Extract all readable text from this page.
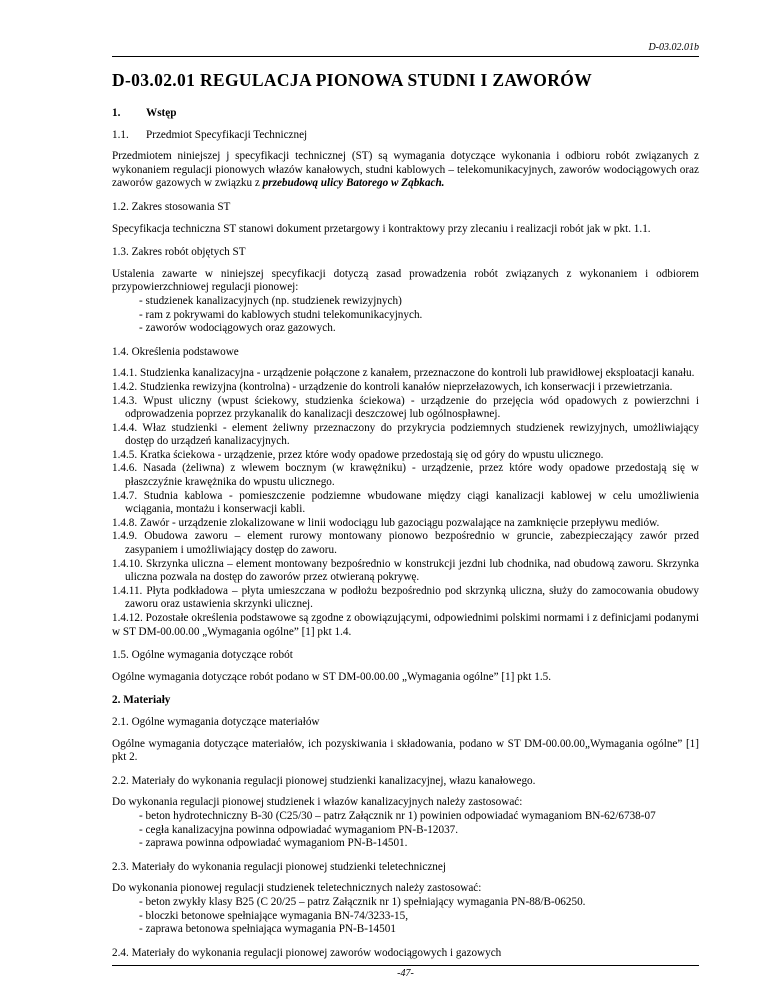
D-03.02.01b
D-03.02.01 REGULACJA PIONOWA STUDNI I ZAWORÓW
1.	Wstęp
1.1.	Przedmiot Specyfikacji Technicznej

Przedmiotem niniejszej j specyfikacji technicznej (ST) są wymagania dotyczące wykonania i odbioru robót związanych z wykonaniem regulacji pionowych włazów kanałowych, studni kablowych – telekomunikacyjnych, zaworów wodociągowych oraz zaworów gazowych w związku z przebudową ulicy Batorego w Ząbkach.

1.2. Zakres stosowania ST

Specyfikacja techniczna ST stanowi dokument przetargowy i kontraktowy przy zlecaniu i realizacji robót jak w pkt. 1.1.

1.3. Zakres robót objętych ST

Ustalenia zawarte w niniejszej specyfikacji dotyczą zasad prowadzenia robót związanych z wykonaniem i odbiorem przypowierzchniowej regulacji pionowej:

- studzienek kanalizacyjnych (np. studzienek rewizyjnych)
- ram z pokrywami do kablowych studni telekomunikacyjnych.
- zaworów wodociągowych oraz gazowych.
1.4. Określenia podstawowe
1.4.1. Studzienka kanalizacyjna - urządzenie połączone z kanałem, przeznaczone do kontroli lub prawidłowej eksploatacji kanału.
1.4.2. Studzienka rewizyjna (kontrolna) - urządzenie do kontroli kanałów nieprzełazowych, ich konserwacji i przewietrzania.
1.4.3. Wpust uliczny (wpust ściekowy, studzienka ściekowa) - urządzenie do przejęcia wód opadowych z powierzchni i odprowadzenia poprzez przykanalik do kanalizacji deszczowej lub ogólnospławnej.
1.4.4. Właz studzienki - element żeliwny przeznaczony do przykrycia podziemnych studzienek rewizyjnych, umożliwiający dostęp do urządzeń kanalizacyjnych.
1.4.5. Kratka ściekowa - urządzenie, przez które wody opadowe przedostają się od góry do wpustu ulicznego.
1.4.6. Nasada (żeliwna) z wlewem bocznym (w krawężniku) - urządzenie, przez które wody opadowe przedostają się w płaszczyźnie krawężnika do wpustu ulicznego.
1.4.7. Studnia kablowa - pomieszczenie podziemne wbudowane między ciągi kanalizacji kablowej w celu umożliwienia wciągania, montażu i konserwacji kabli.
1.4.8. Zawór - urządzenie zlokalizowane w linii wodociągu lub gazociągu pozwalające na zamknięcie przepływu mediów.
1.4.9. Obudowa zaworu – element rurowy montowany pionowo bezpośrednio w gruncie, zabezpieczający zawór przed zasypaniem i umożliwiający dostęp do zaworu.
1.4.10. Skrzynka uliczna – element montowany bezpośrednio w konstrukcji jezdni lub chodnika, nad obudową zaworu. Skrzynka uliczna pozwala na dostęp do zaworów przez otwieraną pokrywę.
1.4.11. Płyta podkładowa – płyta umieszczana w podłożu bezpośrednio pod skrzynką uliczna, służy do zamocowania obudowy zaworu oraz ustawienia skrzynki ulicznej.

1.4.12. Pozostałe określenia podstawowe są zgodne z obowiązującymi, odpowiednimi polskimi normami i z definicjami podanymi w ST DM-00.00.00 „Wymagania ogólne” [1] pkt 1.4.

1.5. Ogólne wymagania dotyczące robót

Ogólne wymagania dotyczące robót podano w ST DM-00.00.00 „Wymagania ogólne” [1] pkt 1.5.

2. Materiały
2.1. Ogólne wymagania dotyczące materiałów

Ogólne wymagania dotyczące materiałów, ich pozyskiwania i składowania, podano w ST DM-00.00.00„Wymagania ogólne” [1] pkt 2.

2.2. Materiały do wykonania regulacji pionowej studzienki kanalizacyjnej, włazu kanałowego.

Do wykonania regulacji pionowej studzienek i włazów kanalizacyjnych należy zastosować:

- beton hydrotechniczny B-30 (C25/30 – patrz Załącznik nr 1) powinien odpowiadać wymaganiom BN-62/6738-07
- cegła kanalizacyjna powinna odpowiadać wymaganiom PN-B-12037.
- zaprawa powinna odpowiadać wymaganiom PN-B-14501.
2.3. Materiały do wykonania regulacji pionowej studzienki teletechnicznej

Do wykonania pionowej regulacji studzienek teletechnicznych należy zastosować:

- beton zwykły klasy B25 (C 20/25 – patrz Załącznik nr 1) spełniający wymagania PN-88/B-06250.
- bloczki betonowe spełniające wymagania BN-74/3233-15,
- zaprawa betonowa spełniająca wymagania PN-B-14501
2.4. Materiały do wykonania regulacji pionowej zaworów wodociągowych i gazowych
-47-
